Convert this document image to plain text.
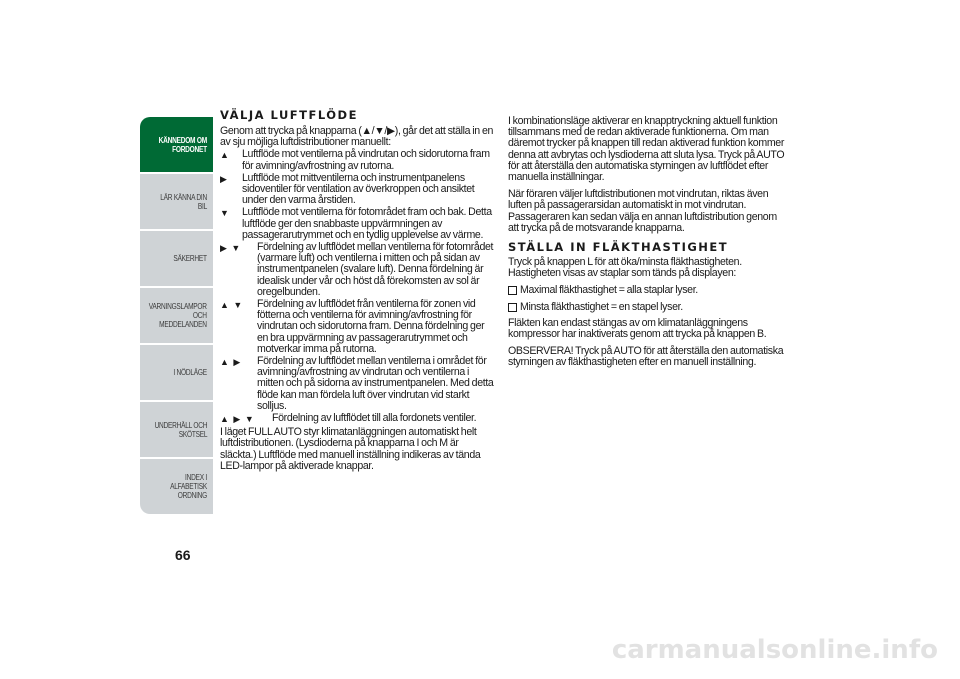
KÄNNEDOM OM
FORDONET
LÄR KÄNNA DIN BIL
SÄKERHET
VARNINGSLAMPOR
OCH MEDDELANDEN
I NÖDLÄGE
UNDERHÅLL OCH
SKÖTSEL
INDEX I ALFABETISK
ORDNING
66
VÄLJA LUFTFLÖDE

Genom att trycka på knapparna (▲/▼/▶), går det att ställa in en av sju möjliga luftdistributioner manuellt:

▲	Luftflöde mot ventilerna på vindrutan och sidorutorna fram för avimning/avfrostning av rutorna.
▶	Luftflöde mot mittventilerna och instrumentpanelens sidoventiler för ventilation av överkroppen och ansiktet under den varma årstiden.
▼	Luftflöde mot ventilerna för fotområdet fram och bak. Detta luftflöde ger den snabbaste uppvärmningen av passagerarutrymmet och en tydlig upplevelse av värme.
▶ ▼	Fördelning av luftflödet mellan ventilerna för fotområdet (varmare luft) och ventilerna i mitten och på sidan av instrumentpanelen (svalare luft). Denna fördelning är idealisk under vår och höst då förekomsten av sol är oregelbunden.
▲ ▼	Fördelning av luftflödet från ventilerna för zonen vid fötterna och ventilerna för avimning/avfrostning för vindrutan och sidorutorna fram. Denna fördelning ger en bra uppvärmning av passagerarutrymmet och motverkar imma på rutorna.
▲ ▶	Fördelning av luftflödet mellan ventilerna i området för avimning/avfrostning av vindrutan och ventilerna i mitten och på sidorna av instrumentpanelen. Med detta flöde kan man fördela luft över vindrutan vid starkt solljus.
▲ ▶ ▼	Fördelning av luftflödet till alla fordonets ventiler.

I läget FULL AUTO styr klimatanläggningen automatiskt helt luftdistributionen. (Lysdioderna på knapparna I och M är släckta.) Luftflöde med manuell inställning indikeras av tända LED-lampor på aktiverade knappar.

I kombinationsläge aktiverar en knapptryckning aktuell funktion tillsammans med de redan aktiverade funktionerna. Om man däremot trycker på knappen till redan aktiverad funktion kommer denna att avbrytas och lysdioderna att sluta lysa. Tryck på AUTO för att återställa den automatiska styrningen av luftflödet efter manuella inställningar.

När föraren väljer luftdistributionen mot vindrutan, riktas även luften på passagerarsidan automatiskt in mot vindrutan. Passageraren kan sedan välja en annan luftdistribution genom att trycka på de motsvarande knapparna.

STÄLLA IN FLÄKTHASTIGHET

Tryck på knappen L för att öka/minsta fläkthastigheten. Hastigheten visas av staplar som tänds på displayen:

Maximal fläkthastighet = alla staplar lyser.

Minsta fläkthastighet = en stapel lyser.

Fläkten kan endast stängas av om klimatanläggningens kompressor har inaktiverats genom att trycka på knappen B.

OBSERVERA! Tryck på AUTO för att återställa den automatiska styrningen av fläkthastigheten efter en manuell inställning.

carmanualsonline.info
